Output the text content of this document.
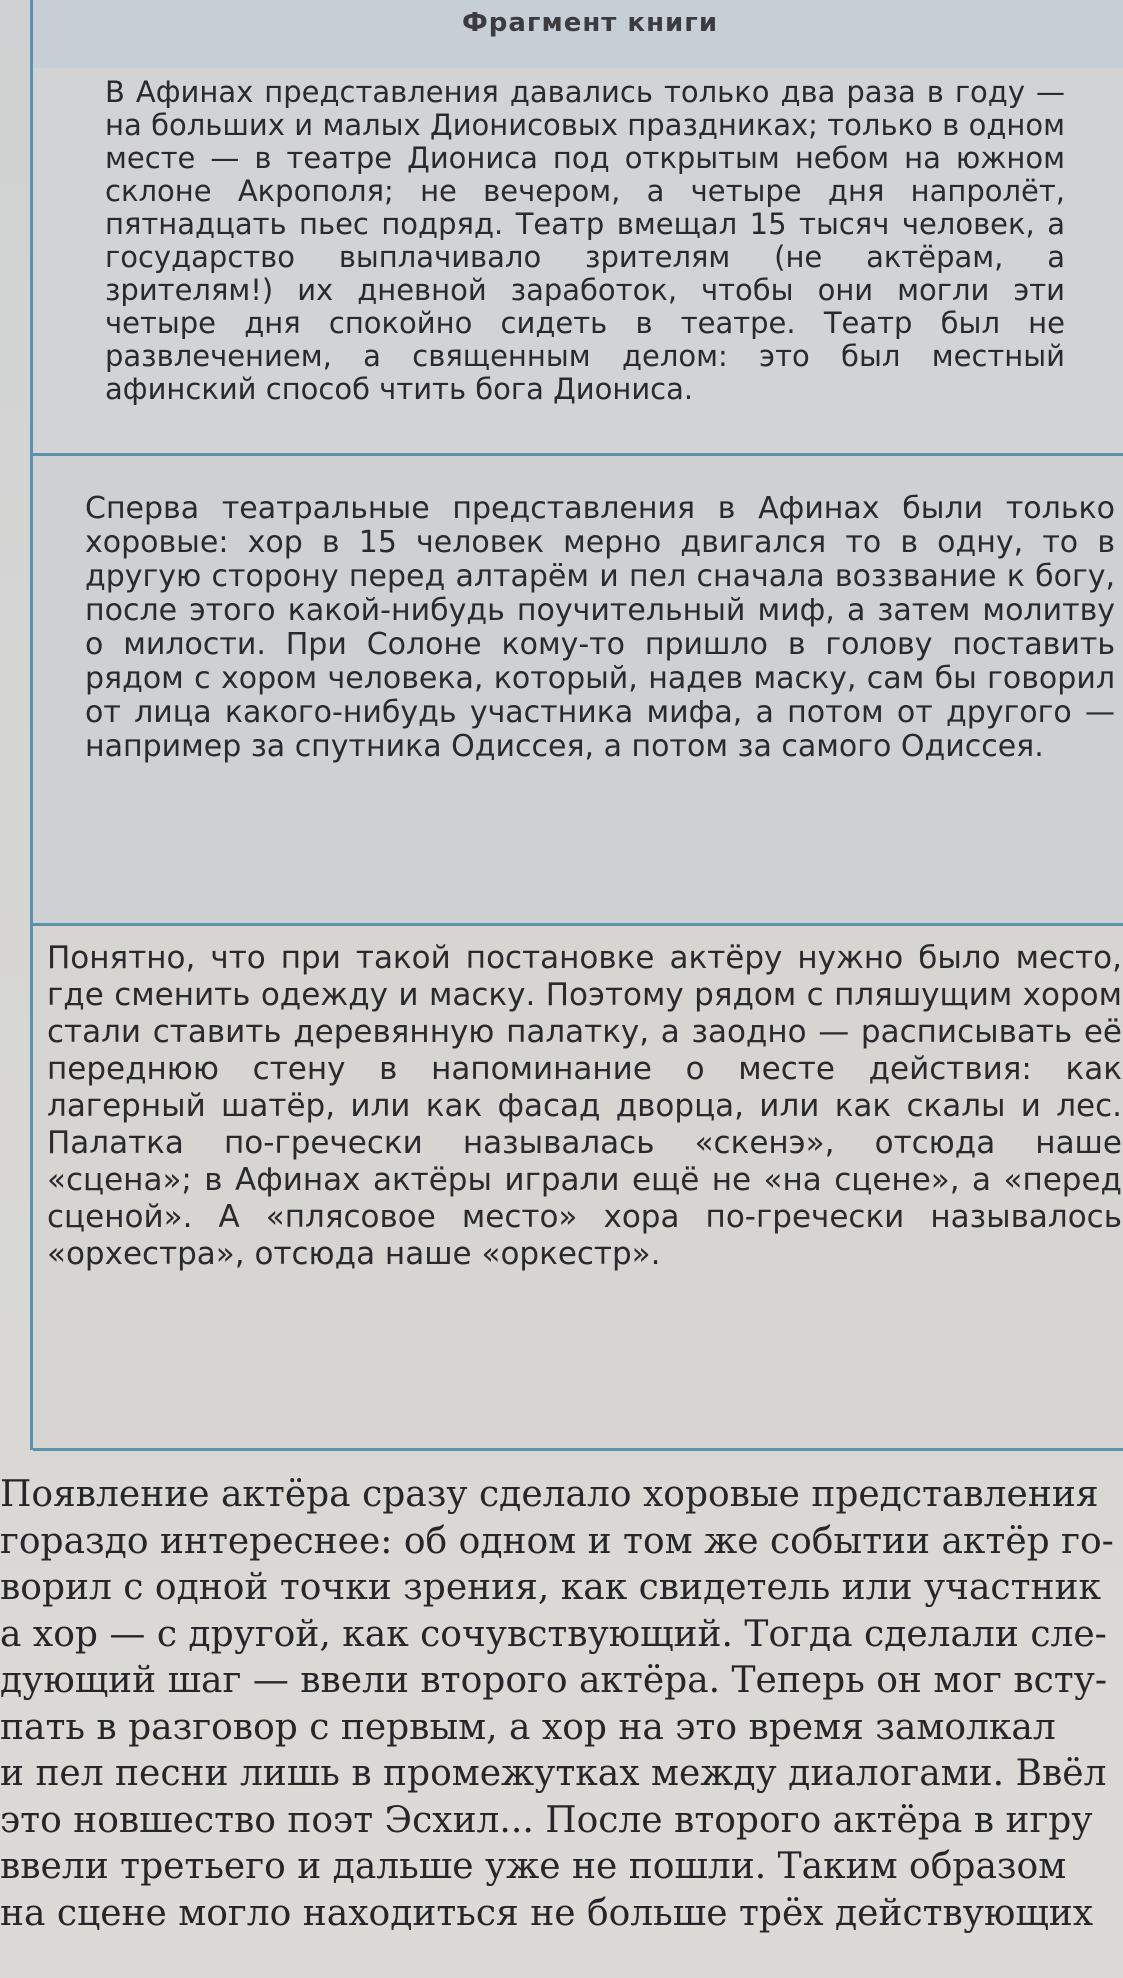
Фрагмент книги

В Афинах представления давались только два раза в году — на больших и малых Дионисовых праздниках; только в одном месте — в театре Диониса под открытым небом на южном склоне Акрополя; не вечером, а четыре дня напролёт, пятнадцать пьес подряд. Театр вмещал 15 тысяч человек, а государство выплачивало зрителям (не актёрам, а зрителям!) их дневной заработок, чтобы они могли эти четыре дня спокойно сидеть в театре. Театр был не развлечением, а священным делом: это был местный афинский способ чтить бога Диониса.

Сперва театральные представления в Афинах были только хоровые: хор в 15 человек мерно двигался то в одну, то в другую сторону перед алтарём и пел сначала воззвание к богу, после этого какой-нибудь поучительный миф, а затем молитву о милости. При Солоне кому-то пришло в голову поставить рядом с хором человека, который, надев маску, сам бы говорил от лица какого-нибудь участника мифа, а потом от другого — например за спутника Одиссея, а потом за самого Одиссея.

Понятно, что при такой постановке актёру нужно было место, где сменить одежду и маску. Поэтому рядом с пляшущим хором стали ставить деревянную палатку, а заодно — расписывать её переднюю стену в напоминание о месте действия: как лагерный шатёр, или как фасад дворца, или как скалы и лес. Палатка по-гречески называлась «скенэ», отсюда наше «сцена»; в Афинах актёры играли ещё не «на сцене», а «перед сценой». А «плясовое место» хора по-гречески называлось «орхестра», отсюда наше «оркестр».

Появление актёра сразу сделало хоровые представления
гораздо интереснее: об одном и том же событии актёр го-
ворил с одной точки зрения, как свидетель или участник
а хор — с другой, как сочувствующий. Тогда сделали сле-
дующий шаг — ввели второго актёра. Теперь он мог всту-
пать в разговор с первым, а хор на это время замолкал
и пел песни лишь в промежутках между диалогами. Ввёл
это новшество поэт Эсхил... После второго актёра в игру
ввели третьего и дальше уже не пошли. Таким образом
на сцене могло находиться не больше трёх действующих
